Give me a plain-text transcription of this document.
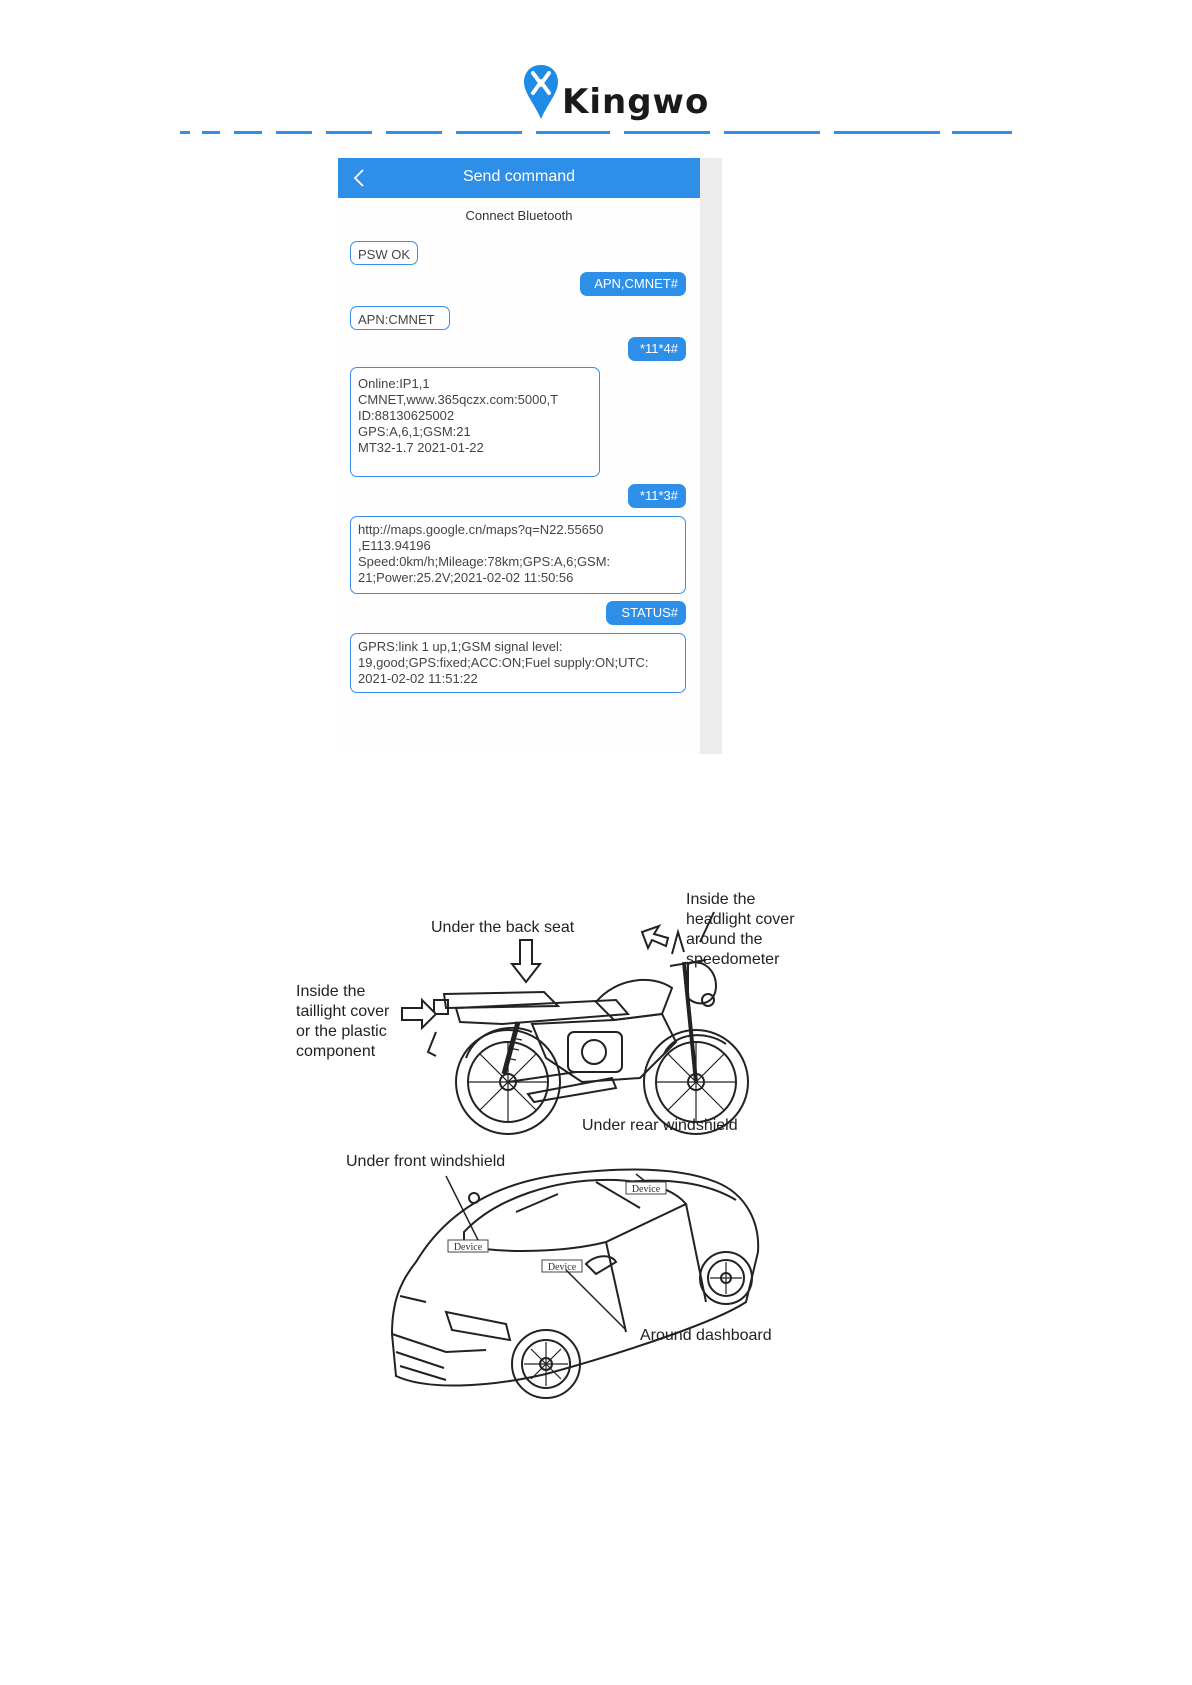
Kingwo
Send command
Connect Bluetooth
PSW OK
APN,CMNET#
APN:CMNET
*11*4#
Online:IP1,1
CMNET,www.365qczx.com:5000,T
ID:88130625002
GPS:A,6,1;GSM:21
MT32-1.7 2021-01-22
*11*3#
http://maps.google.cn/maps?q=N22.55650
,E113.94196
Speed:0km/h;Mileage:78km;GPS:A,6;GSM:
21;Power:25.2V;2021-02-02 11:50:56
STATUS#
GPRS:link 1 up,1;GSM signal level:
19,good;GPS:fixed;ACC:ON;Fuel supply:ON;UTC:
2021-02-02 11:51:22
Under the back seat
Inside the
taillight cover
or the plastic
component
Inside the
headlight cover
around the
speedometer
Device
Device
Device
Under rear windshield
Under front windshield
Around dashboard
